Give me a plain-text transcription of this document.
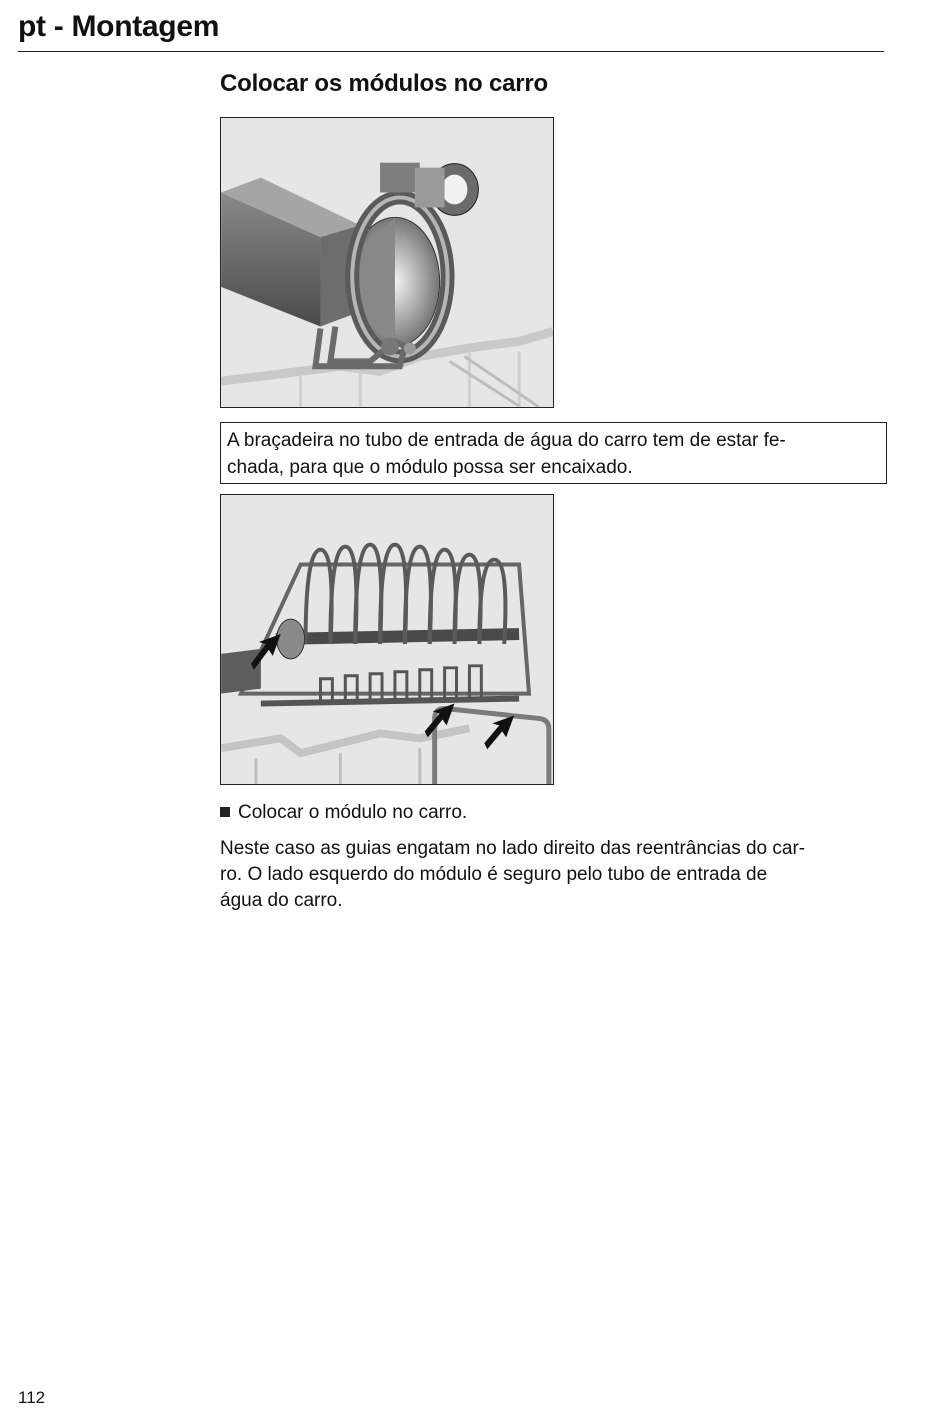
pt - Montagem
Colocar os módulos no carro
A braçadeira no tubo de entrada de água do carro tem de estar fe-
chada, para que o módulo possa ser encaixado.
Colocar o módulo no carro.
Neste caso as guias engatam no lado direito das reentrâncias do car-
ro. O lado esquerdo do módulo é seguro pelo tubo de entrada de
água do carro.
112
